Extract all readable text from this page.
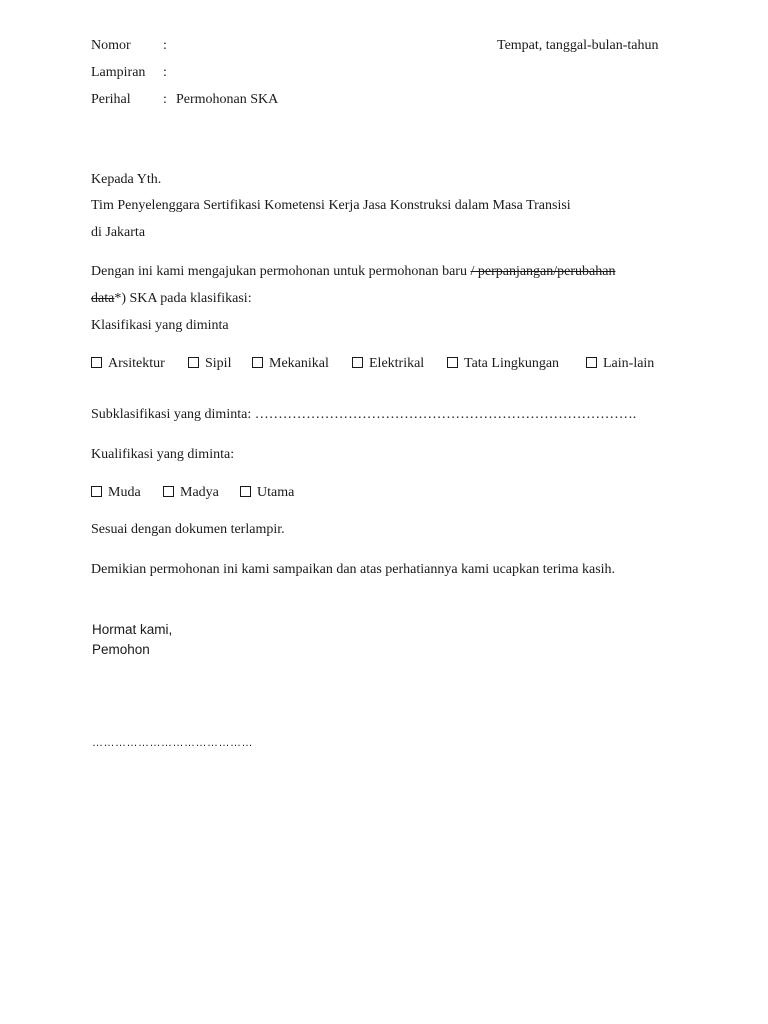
Nomor :	Tempat, tanggal-bulan-tahun
Lampiran :
Perihal : Permohonan SKA
Kepada Yth.
Tim Penyelenggara Sertifikasi Kometensi Kerja Jasa Konstruksi dalam Masa Transisi
di Jakarta
Dengan ini kami mengajukan permohonan untuk permohonan baru / perpanjangan/perubahan
data*) SKA pada klasifikasi:
Klasifikasi yang diminta
Arsitektur	Sipil	Mekanikal	Elektrikal	Tata Lingkungan	Lain-lain
Subklasifikasi yang diminta: ……………………………………………………………………….
Kualifikasi yang diminta:
Muda	Madya	Utama
Sesuai dengan dokumen terlampir.
Demikian permohonan ini kami sampaikan dan atas perhatiannya kami ucapkan terima kasih.
Hormat kami,
Pemohon
……………………………………
